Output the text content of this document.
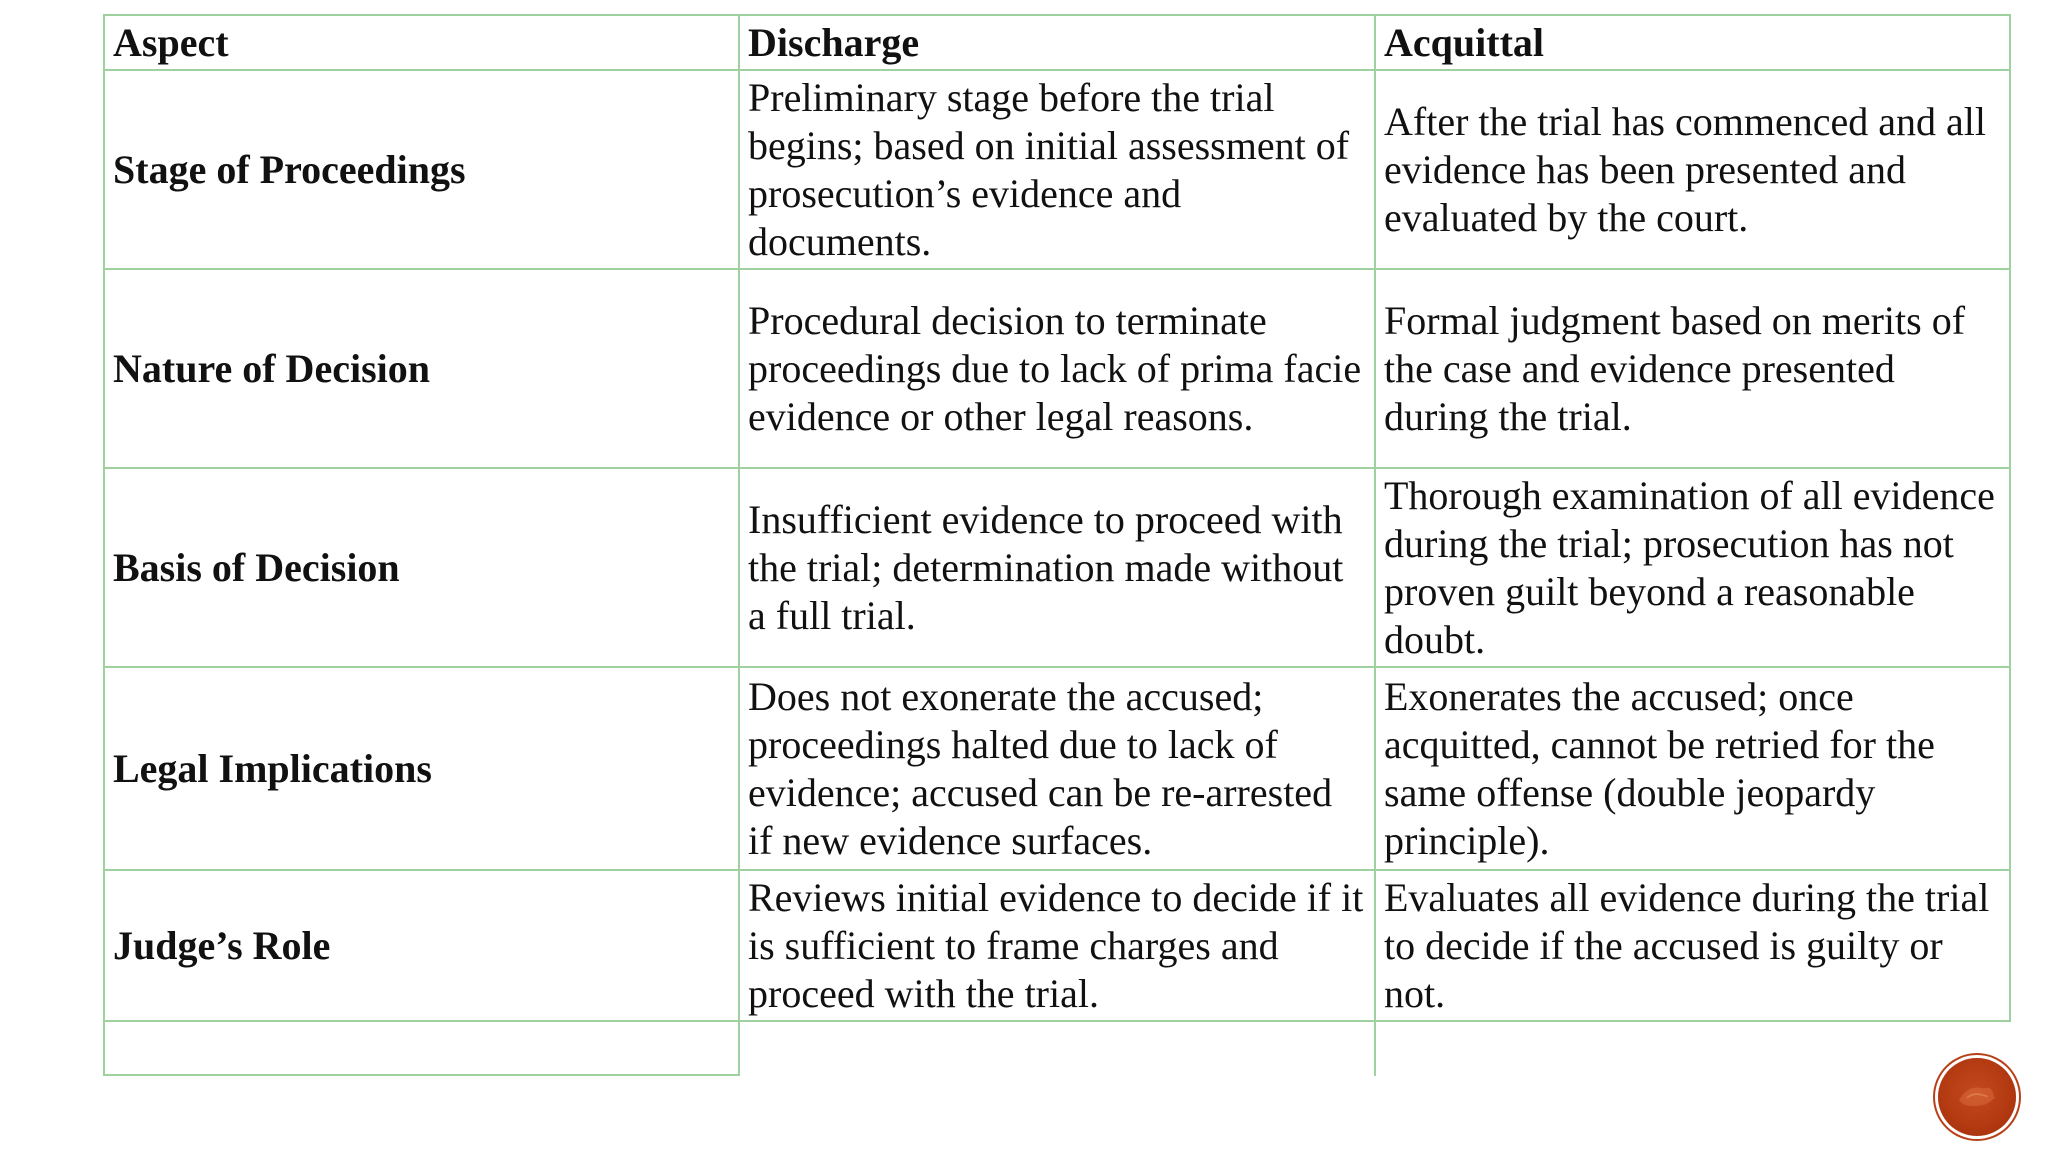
Aspect	Discharge	Acquittal
Stage of Proceedings
Preliminary stage before the trial begins; based on initial assessment of prosecution’s evidence and documents.
After the trial has commenced and all evidence has been presented and evaluated by the court.
Nature of Decision
Procedural decision to terminate proceedings due to lack of prima facie evidence or other legal reasons.
Formal judgment based on merits of the case and evidence presented during the trial.
Basis of Decision
Insufficient evidence to proceed with the trial; determination made without a full trial.
Thorough examination of all evidence during the trial; prosecution has not proven guilt beyond a reasonable doubt.
Legal Implications
Does not exonerate the accused; proceedings halted due to lack of evidence; accused can be re-arrested if new evidence surfaces.
Exonerates the accused; once acquitted, cannot be retried for the same offense (double jeopardy principle).
Judge’s Role
Reviews initial evidence to decide if it is sufficient to frame charges and proceed with the trial.
Evaluates all evidence during the trial to decide if the accused is guilty or not.
